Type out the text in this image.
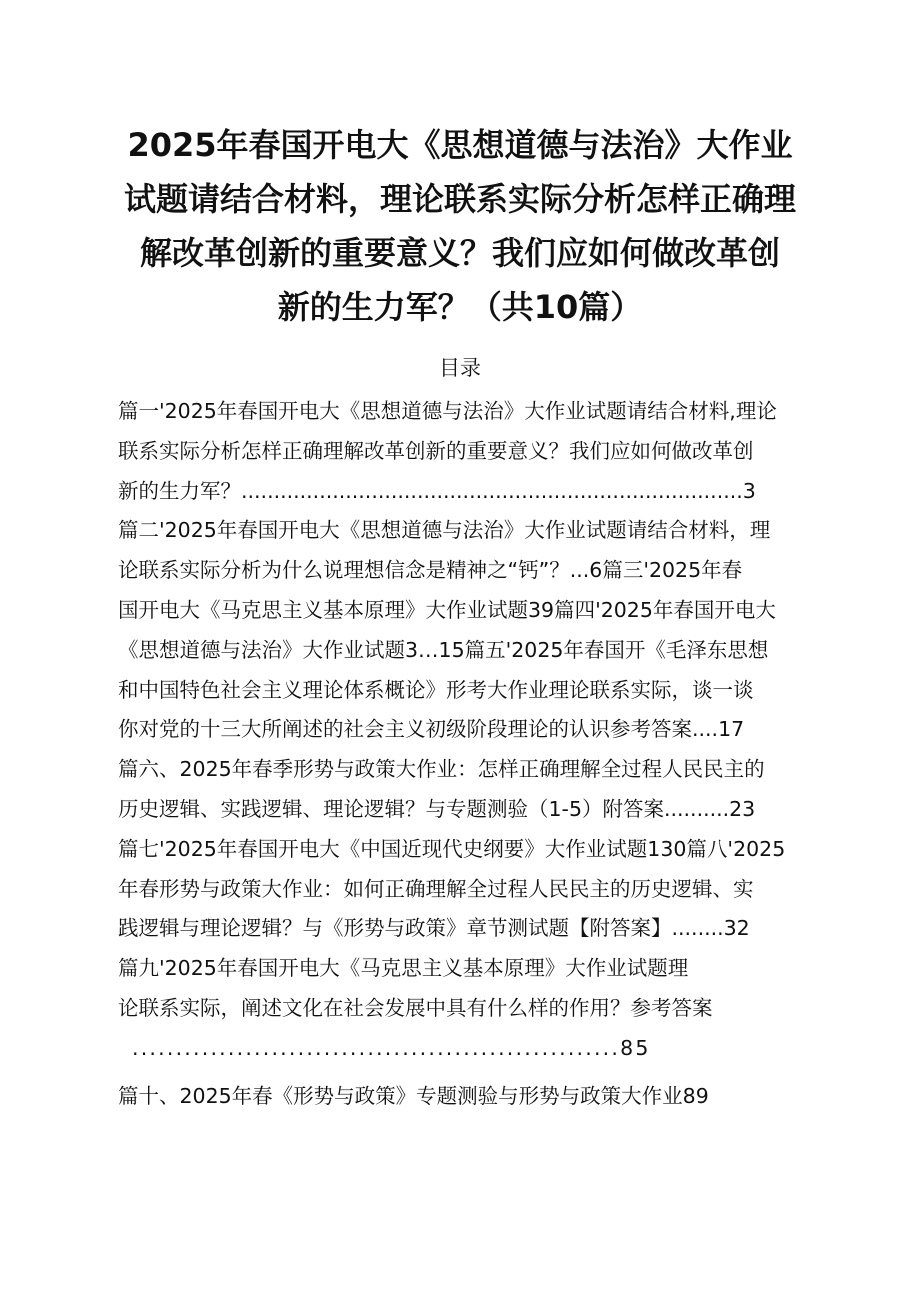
2025年春国开电大《思想道德与法治》大作业
试题请结合材料，理论联系实际分析怎样正确理
解改革创新的重要意义？我们应如何做改革创
新的生力军？（共10篇）
目录
篇一'2025年春国开电大《思想道德与法治》大作业试题请结合材料,理论
联系实际分析怎样正确理解改革创新的重要意义？我们应如何做改革创
新的生力军？.............................................................................3
篇二'2025年春国开电大《思想道德与法治》大作业试题请结合材料，理
论联系实际分析为什么说理想信念是精神之“钙”？...6篇三'2025年春
国开电大《马克思主义基本原理》大作业试题39篇四'2025年春国开电大
《思想道德与法治》大作业试题3…15篇五'2025年春国开《毛泽东思想
和中国特色社会主义理论体系概论》形考大作业理论联系实际，谈一谈
你对党的十三大所阐述的社会主义初级阶段理论的认识参考答案....17
篇六、2025年春季形势与政策大作业：怎样正确理解全过程人民民主的
历史逻辑、实践逻辑、理论逻辑？与专题测验（1-5）附答案..........23
篇七'2025年春国开电大《中国近现代史纲要》大作业试题130篇八'2025
年春形势与政策大作业：如何正确理解全过程人民民主的历史逻辑、实
践逻辑与理论逻辑？与《形势与政策》章节测试题【附答案】........32
篇九'2025年春国开电大《马克思主义基本原理》大作业试题理
论联系实际，阐述文化在社会发展中具有什么样的作用？参考答案
........................................................85
篇十、2025年春《形势与政策》专题测验与形势与政策大作业89
